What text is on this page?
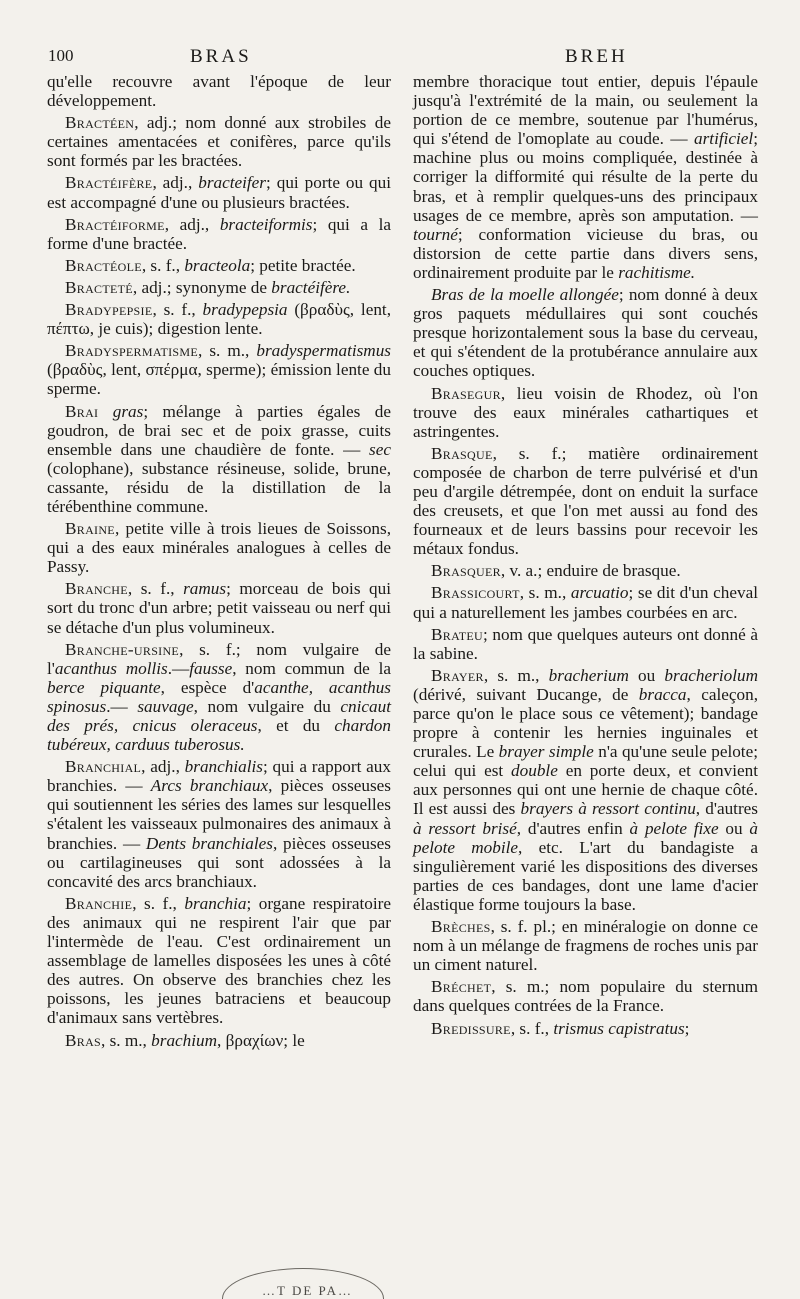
100	BRAS	BREH

qu'elle recouvre avant l'époque de leur développement.

Bractéen, adj.; nom donné aux strobiles de certaines amentacées et conifères, parce qu'ils sont formés par les bractées.

Bractéifère, adj., bracteifer; qui porte ou qui est accompagné d'une ou plusieurs bractées.

Bractéiforme, adj., bracteiformis; qui a la forme d'une bractée.

Bractéole, s. f., bracteola; petite bractée.

Bracteté, adj.; synonyme de bractéifère.

Bradypepsie, s. f., bradypepsia (βραδὺς, lent, πέπτω, je cuis); digestion lente.

Bradyspermatisme, s. m., bradyspermatismus (βραδὺς, lent, σπέρμα, sperme); émission lente du sperme.

Brai gras; mélange à parties égales de goudron, de brai sec et de poix grasse, cuits ensemble dans une chaudière de fonte. — sec (colophane), substance résineuse, solide, brune, cassante, résidu de la distillation de la térébenthine commune.

Braine, petite ville à trois lieues de Soissons, qui a des eaux minérales analogues à celles de Passy.

Branche, s. f., ramus; morceau de bois qui sort du tronc d'un arbre; petit vaisseau ou nerf qui se détache d'un plus volumineux.

Branche-ursine, s. f.; nom vulgaire de l'acanthus mollis.—fausse, nom commun de la berce piquante, espèce d'acanthe, acanthus spinosus.— sauvage, nom vulgaire du cnicaut des prés, cnicus oleraceus, et du chardon tubéreux, carduus tuberosus.

Branchial, adj., branchialis; qui a rapport aux branchies. — Arcs branchiaux, pièces osseuses qui soutiennent les séries des lames sur lesquelles s'étalent les vaisseaux pulmonaires des animaux à branchies. — Dents branchiales, pièces osseuses ou cartilagineuses qui sont adossées à la concavité des arcs branchiaux.

Branchie, s. f., branchia; organe respiratoire des animaux qui ne respirent l'air que par l'intermède de l'eau. C'est ordinairement un assemblage de lamelles disposées les unes à côté des autres. On observe des branchies chez les poissons, les jeunes batraciens et beaucoup d'animaux sans vertèbres.

Bras, s. m., brachium, βραχίων; le

membre thoracique tout entier, depuis l'épaule jusqu'à l'extrémité de la main, ou seulement la portion de ce membre, soutenue par l'humérus, qui s'étend de l'omoplate au coude. — artificiel; machine plus ou moins compliquée, destinée à corriger la difformité qui résulte de la perte du bras, et à remplir quelques-uns des principaux usages de ce membre, après son amputation. — tourné; conformation vicieuse du bras, ou distorsion de cette partie dans divers sens, ordinairement produite par le rachitisme.

Bras de la moelle allongée; nom donné à deux gros paquets médullaires qui sont couchés presque horizontalement sous la base du cerveau, et qui s'étendent de la protubérance annulaire aux couches optiques.

Brasegur, lieu voisin de Rhodez, où l'on trouve des eaux minérales cathartiques et astringentes.

Brasque, s. f.; matière ordinairement composée de charbon de terre pulvérisé et d'un peu d'argile détrempée, dont on enduit la surface des creusets, et que l'on met aussi au fond des fourneaux et de leurs bassins pour recevoir les métaux fondus.

Brasquer, v. a.; enduire de brasque.

Brassicourt, s. m., arcuatio; se dit d'un cheval qui a naturellement les jambes courbées en arc.

Brateu; nom que quelques auteurs ont donné à la sabine.

Brayer, s. m., bracherium ou bracheriolum (dérivé, suivant Ducange, de bracca, caleçon, parce qu'on le place sous ce vêtement); bandage propre à contenir les hernies inguinales et crurales. Le brayer simple n'a qu'une seule pelote; celui qui est double en porte deux, et convient aux personnes qui ont une hernie de chaque côté. Il est aussi des brayers à ressort continu, d'autres à ressort brisé, d'autres enfin à pelote fixe ou à pelote mobile, etc. L'art du bandagiste a singulièrement varié les dispositions des diverses parties de ces bandages, dont une lame d'acier élastique forme toujours la base.

Brèches, s. f. pl.; en minéralogie on donne ce nom à un mélange de fragmens de roches unis par un ciment naturel.

Bréchet, s. m.; nom populaire du sternum dans quelques contrées de la France.

Bredissure, s. f., trismus capistratus;

…T DE PA…
